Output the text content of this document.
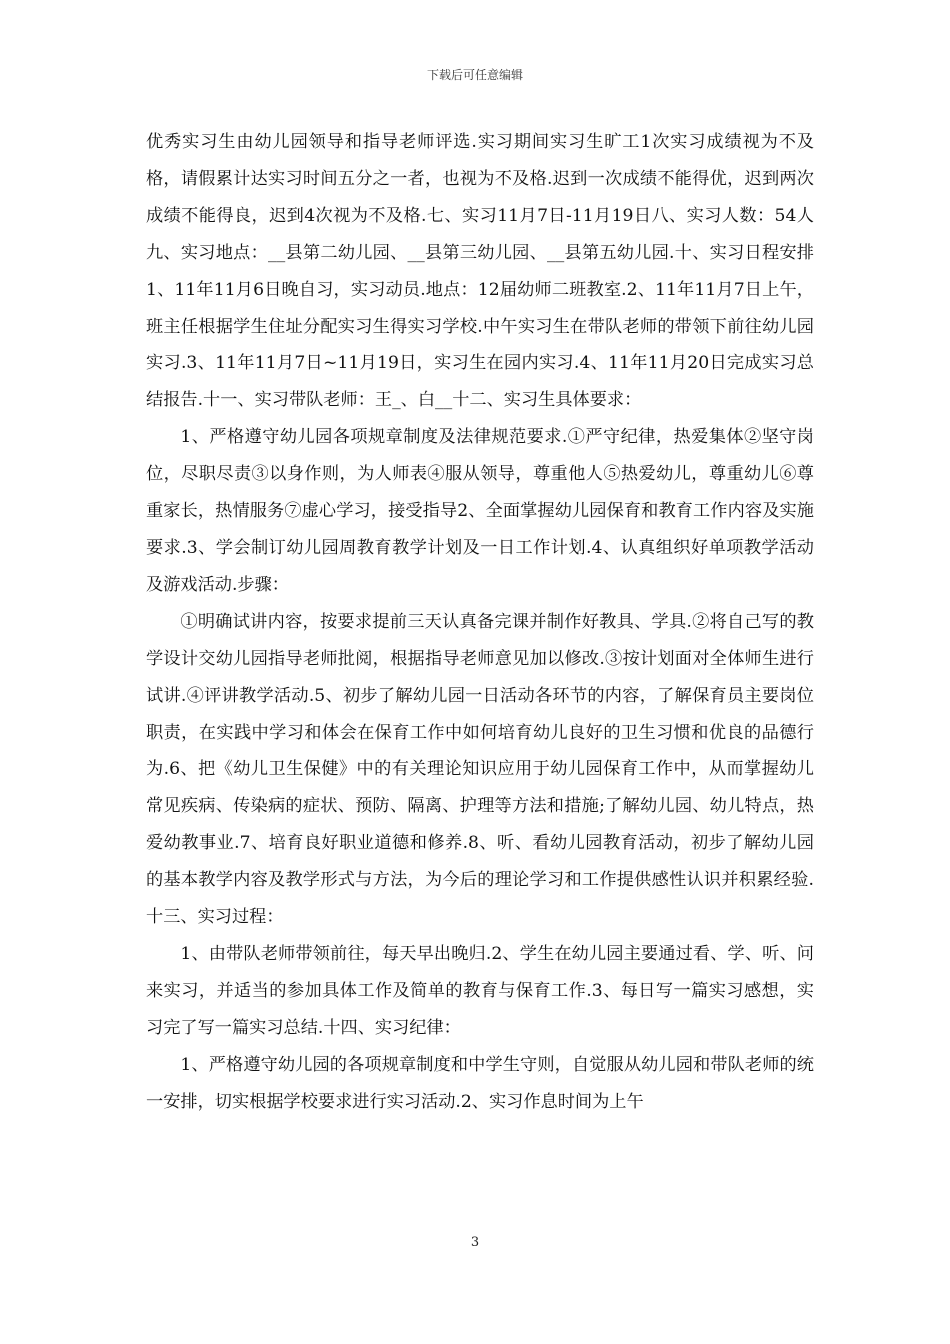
下载后可任意编辑

优秀实习生由幼儿园领导和指导老师评选.实习期间实习生旷工1次实习成绩视为不及格，请假累计达实习时间五分之一者，也视为不及格.迟到一次成绩不能得优，迟到两次成绩不能得良，迟到4次视为不及格.七、实习11月7日-11月19日八、实习人数：54人九、实习地点：__县第二幼儿园、__县第三幼儿园、__县第五幼儿园.十、实习日程安排1、11年11月6日晚自习，实习动员.地点：12届幼师二班教室.2、11年11月7日上午，班主任根据学生住址分配实习生得实习学校.中午实习生在带队老师的带领下前往幼儿园实习.3、11年11月7日~11月19日，实习生在园内实习.4、11年11月20日完成实习总结报告.十一、实习带队老师：王_、白__十二、实习生具体要求：

1、严格遵守幼儿园各项规章制度及法律规范要求.①严守纪律，热爱集体②坚守岗位，尽职尽责③以身作则，为人师表④服从领导，尊重他人⑤热爱幼儿，尊重幼儿⑥尊重家长，热情服务⑦虚心学习，接受指导2、全面掌握幼儿园保育和教育工作内容及实施要求.3、学会制订幼儿园周教育教学计划及一日工作计划.4、认真组织好单项教学活动及游戏活动.步骤：

①明确试讲内容，按要求提前三天认真备完课并制作好教具、学具.②将自己写的教学设计交幼儿园指导老师批阅，根据指导老师意见加以修改.③按计划面对全体师生进行试讲.④评讲教学活动.5、初步了解幼儿园一日活动各环节的内容，了解保育员主要岗位职责，在实践中学习和体会在保育工作中如何培育幼儿良好的卫生习惯和优良的品德行为.6、把《幼儿卫生保健》中的有关理论知识应用于幼儿园保育工作中，从而掌握幼儿常见疾病、传染病的症状、预防、隔离、护理等方法和措施;了解幼儿园、幼儿特点，热爱幼教事业.7、培育良好职业道德和修养.8、听、看幼儿园教育活动，初步了解幼儿园的基本教学内容及教学形式与方法，为今后的理论学习和工作提供感性认识并积累经验.十三、实习过程：

1、由带队老师带领前往，每天早出晚归.2、学生在幼儿园主要通过看、学、听、问来实习，并适当的参加具体工作及简单的教育与保育工作.3、每日写一篇实习感想，实习完了写一篇实习总结.十四、实习纪律：

1、严格遵守幼儿园的各项规章制度和中学生守则，自觉服从幼儿园和带队老师的统一安排，切实根据学校要求进行实习活动.2、实习作息时间为上午

3
